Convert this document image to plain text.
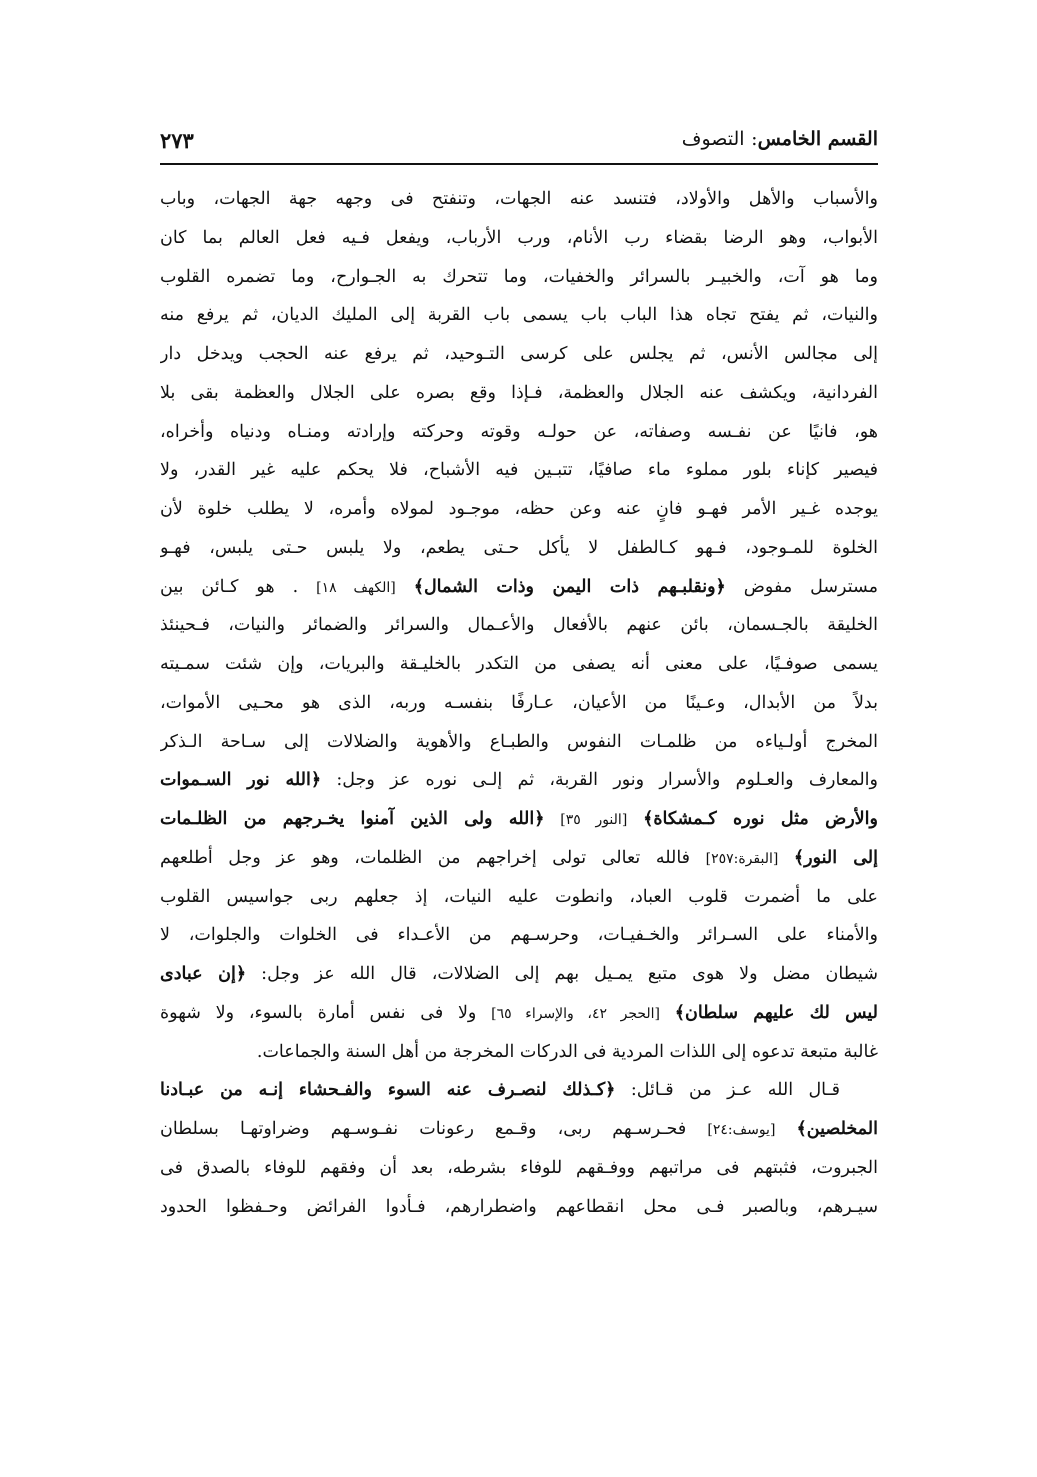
القسم الخامس: التصوف
٢٧٣
والأسباب والأهل والأولاد، فتنسد عنه الجهات، وتنفتح فى وجهه جهة الجهات، وباب
الأبواب، وهو الرضا بقضاء رب الأنام، ورب الأرباب، ويفعل فـيه فعل العالم بما كان
وما هو آت، والخبيـر بالسرائر والخفيات، وما تتحرك به الجـوارح، وما تضمره القلوب
والنيات، ثم يفتح تجاه هذا الباب باب يسمى باب القربة إلى المليك الديان، ثم يرفع منه
إلى مجالس الأنس، ثم يجلس على كرسى التـوحيد، ثم يرفع عنه الحجب ويدخل دار
الفردانية، ويكشف عنه الجلال والعظمة، فـإذا وقع بصره على الجلال والعظمة بقى بلا
هو، فانيًا عن نفـسه وصفاته، عن حولـه وقوته وحركته وإرادته ومنـاه ودنياه وأخراه،
فيصير كإناء بلور مملوء ماء صافيًا، تتبـين فيه الأشباح، فلا يحكم عليه غير القدر، ولا
يوجده غـير الأمر فهـو فانٍ عنه وعن حظه، موجـود لمولاه وأمره، لا يطلب خلوة لأن
الخلوة للمـوجود، فـهو كـالطفل لا يأكل حـتى يطعم، ولا يلبس حـتى يلبس، فهـو
مسترسل مفوض ﴿ونقلبـهم ذات اليمن وذات الشمال﴾ [الكهف ١٨] . هو كـائن بين
الخليقة بالجـسمان، بائن عنهم بالأفعال والأعـمال والسرائر والضمائر والنيات، فـحينئذ
يسمى صوفـيًا، على معنى أنه يصفى من التكدر بالخليـقة والبريات، وإن شئت سمـيته
بدلاً من الأبدال، وعـينًا من الأعيان، عـارفًا بنفسـه وربه، الذى هو محـيى الأموات،
المخرج أولـياءه من ظلمـات النفوس والطبـاع والأهوية والضلالات إلى سـاحة الـذكر
والمعارف والعـلوم والأسرار ونور القربة، ثم إلـى نوره عز وجل: ﴿الله نور السـموات
والأرض مثل نوره كـمشكاة﴾ [النور ٣٥] ﴿الله ولى الذين آمنوا يخـرجهم من الظلـمات
إلى النور﴾ [البقرة:٢٥٧] فالله تعالى تولى إخراجهم من الظلمات، وهو عز وجل أطلعهم
على ما أضمرت قلوب العباد، وانطوت عليه النيات، إذ جعلهم ربى جواسيس القلوب
والأمناء على السـرائر والخـفيـات، وحرسـهم من الأعـداء فى الخلوات والجلوات، لا
شيطان مضل ولا هوى متبع يمـيل بهم إلى الضلالات، قال الله عز وجل: ﴿إن عبادى
ليس لك عليهم سلطان﴾ [الحجر ٤٢، والإسراء ٦٥] ولا فى نفس أمارة بالسوء، ولا شهوة
غالبة متبعة تدعوه إلى اللذات المردية فى الدركات المخرجة من أهل السنة والجماعات.
قـال الله عـز من قـائل: ﴿كـذلك لنصـرف عنه السوء والفـحشاء إنـه من عبـادنا
المخلصين﴾ [يوسف:٢٤] فحـرسـهم ربى، وقـمع رعونات نفـوسـهم وضراوتهـا بسلطان
الجبروت، فثبتهم فى مراتبهم ووفـقهم للوفاء بشرطه، بعد أن وفقهم للوفاء بالصدق فى
سيـرهم، وبالصبر فـى محل انقطاعهم واضطرارهم، فـأدوا الفرائض وحـفظوا الحدود
